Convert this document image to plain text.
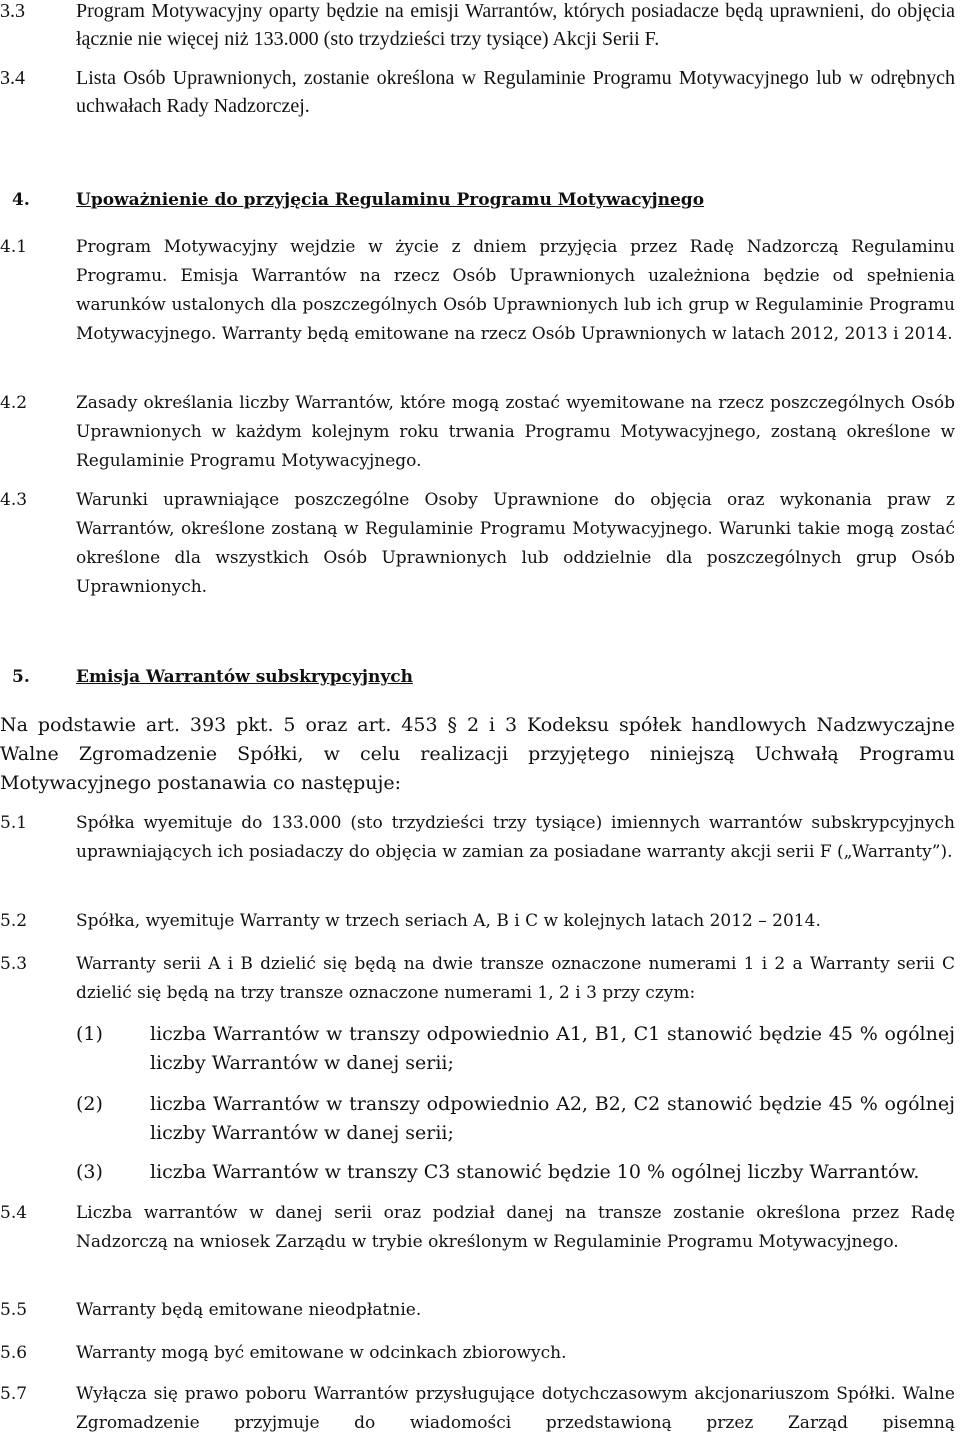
3.3	Program Motywacyjny oparty będzie na emisji Warrantów, których posiadacze będą uprawnieni, do objęcia łącznie nie więcej niż 133.000 (sto trzydzieści trzy tysiące) Akcji Serii F.
3.4	Lista Osób Uprawnionych, zostanie określona w Regulaminie Programu Motywacyjnego lub w odrębnych uchwałach Rady Nadzorczej.
4.	Upoważnienie do przyjęcia Regulaminu Programu Motywacyjnego
4.1	Program Motywacyjny wejdzie w życie z dniem przyjęcia przez Radę Nadzorczą Regulaminu Programu. Emisja Warrantów na rzecz Osób Uprawnionych uzależniona będzie od spełnienia warunków ustalonych dla poszczególnych Osób Uprawnionych lub ich grup w Regulaminie Programu Motywacyjnego. Warranty będą emitowane na rzecz Osób Uprawnionych w latach 2012, 2013 i 2014.
4.2	Zasady określania liczby Warrantów, które mogą zostać wyemitowane na rzecz poszczególnych Osób Uprawnionych w każdym kolejnym roku trwania Programu Motywacyjnego, zostaną określone w Regulaminie Programu Motywacyjnego.
4.3	Warunki uprawniające poszczególne Osoby Uprawnione do objęcia oraz wykonania praw z Warrantów, określone zostaną w Regulaminie Programu Motywacyjnego. Warunki takie mogą zostać określone dla wszystkich Osób Uprawnionych lub oddzielnie dla poszczególnych grup Osób Uprawnionych.
5.	Emisja Warrantów subskrypcyjnych
Na podstawie art. 393 pkt. 5 oraz art. 453 § 2 i 3 Kodeksu spółek handlowych Nadzwyczajne Walne Zgromadzenie Spółki, w celu realizacji przyjętego niniejszą Uchwałą Programu Motywacyjnego postanawia co następuje:
5.1	Spółka wyemituje do 133.000 (sto trzydzieści trzy tysiące) imiennych warrantów subskrypcyjnych uprawniających ich posiadaczy do objęcia w zamian za posiadane warranty akcji serii F („Warranty”).
5.2	Spółka, wyemituje Warranty w trzech seriach A, B i C w kolejnych latach 2012 – 2014.
5.3	Warranty serii A i B dzielić się będą na dwie transze oznaczone numerami 1 i 2 a Warranty serii C dzielić się będą na trzy transze oznaczone numerami 1, 2 i 3 przy czym:
(1) liczba Warrantów w transzy odpowiednio A1, B1, C1 stanowić będzie 45 % ogólnej liczby Warrantów w danej serii;
(2) liczba Warrantów w transzy odpowiednio A2, B2, C2 stanowić będzie 45 % ogólnej liczby Warrantów w danej serii;
(3) liczba Warrantów w transzy C3 stanowić będzie 10 % ogólnej liczby Warrantów.
5.4	Liczba warrantów w danej serii oraz podział danej na transze zostanie określona przez Radę Nadzorczą na wniosek Zarządu w trybie określonym w Regulaminie Programu Motywacyjnego.
5.5	Warranty będą emitowane nieodpłatnie.
5.6	Warranty mogą być emitowane w odcinkach zbiorowych.
5.7	Wyłącza się prawo poboru Warrantów przysługujące dotychczasowym akcjonariuszom Spółki. Walne Zgromadzenie przyjmuje do wiadomości przedstawioną przez Zarząd pisemną
